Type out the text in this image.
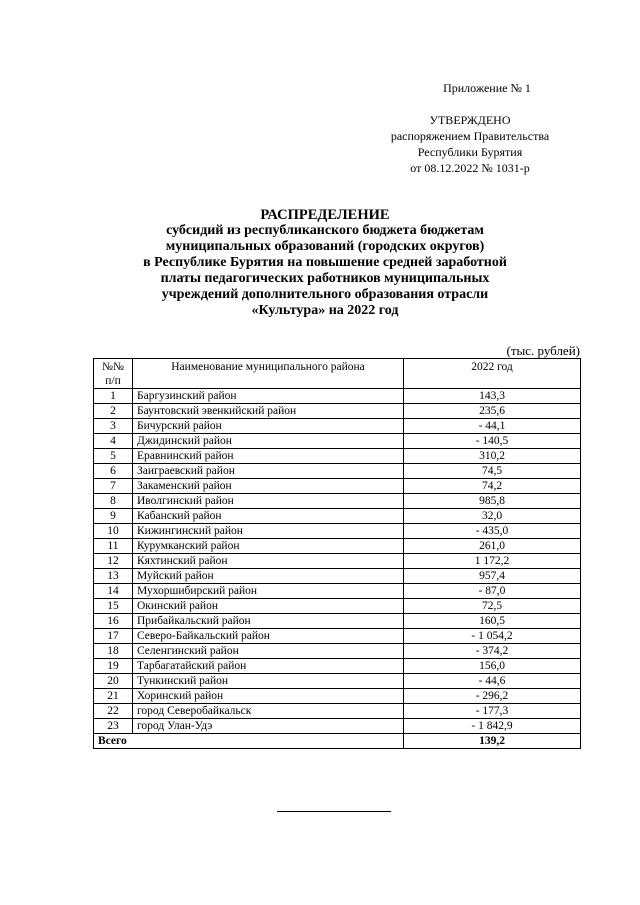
Приложение № 1
УТВЕРЖДЕНО
распоряжением Правительства
Республики Бурятия
от 08.12.2022 № 1031-р
РАСПРЕДЕЛЕНИЕ
субсидий из республиканского бюджета бюджетам
муниципальных образований (городских округов)
в Республике Бурятия на повышение средней заработной
платы педагогических работников муниципальных
учреждений дополнительного образования отрасли
«Культура» на 2022 год
(тыс. рублей)
№№ п/п	Наименование муниципального района	2022 год
1	Баргузинский район	143,3
2	Баунтовский эвенкийский район	235,6
3	Бичурский район	- 44,1
4	Джидинский район	- 140,5
5	Еравнинский район	310,2
6	Заиграевский район	74,5
7	Закаменский район	74,2
8	Иволгинский район	985,8
9	Кабанский район	32,0
10	Кижингинский район	- 435,0
11	Курумканский район	261,0
12	Кяхтинский район	1 172,2
13	Муйский район	957,4
14	Мухоршибирский район	- 87,0
15	Окинский район	72,5
16	Прибайкальский район	160,5
17	Северо-Байкальский район	- 1 054,2
18	Селенгинский район	- 374,2
19	Тарбагатайский район	156,0
20	Тункинский район	- 44,6
21	Хоринский район	- 296,2
22	город Северобайкальск	- 177,3
23	город Улан-Удэ	- 1 842,9
Всего		139,2
